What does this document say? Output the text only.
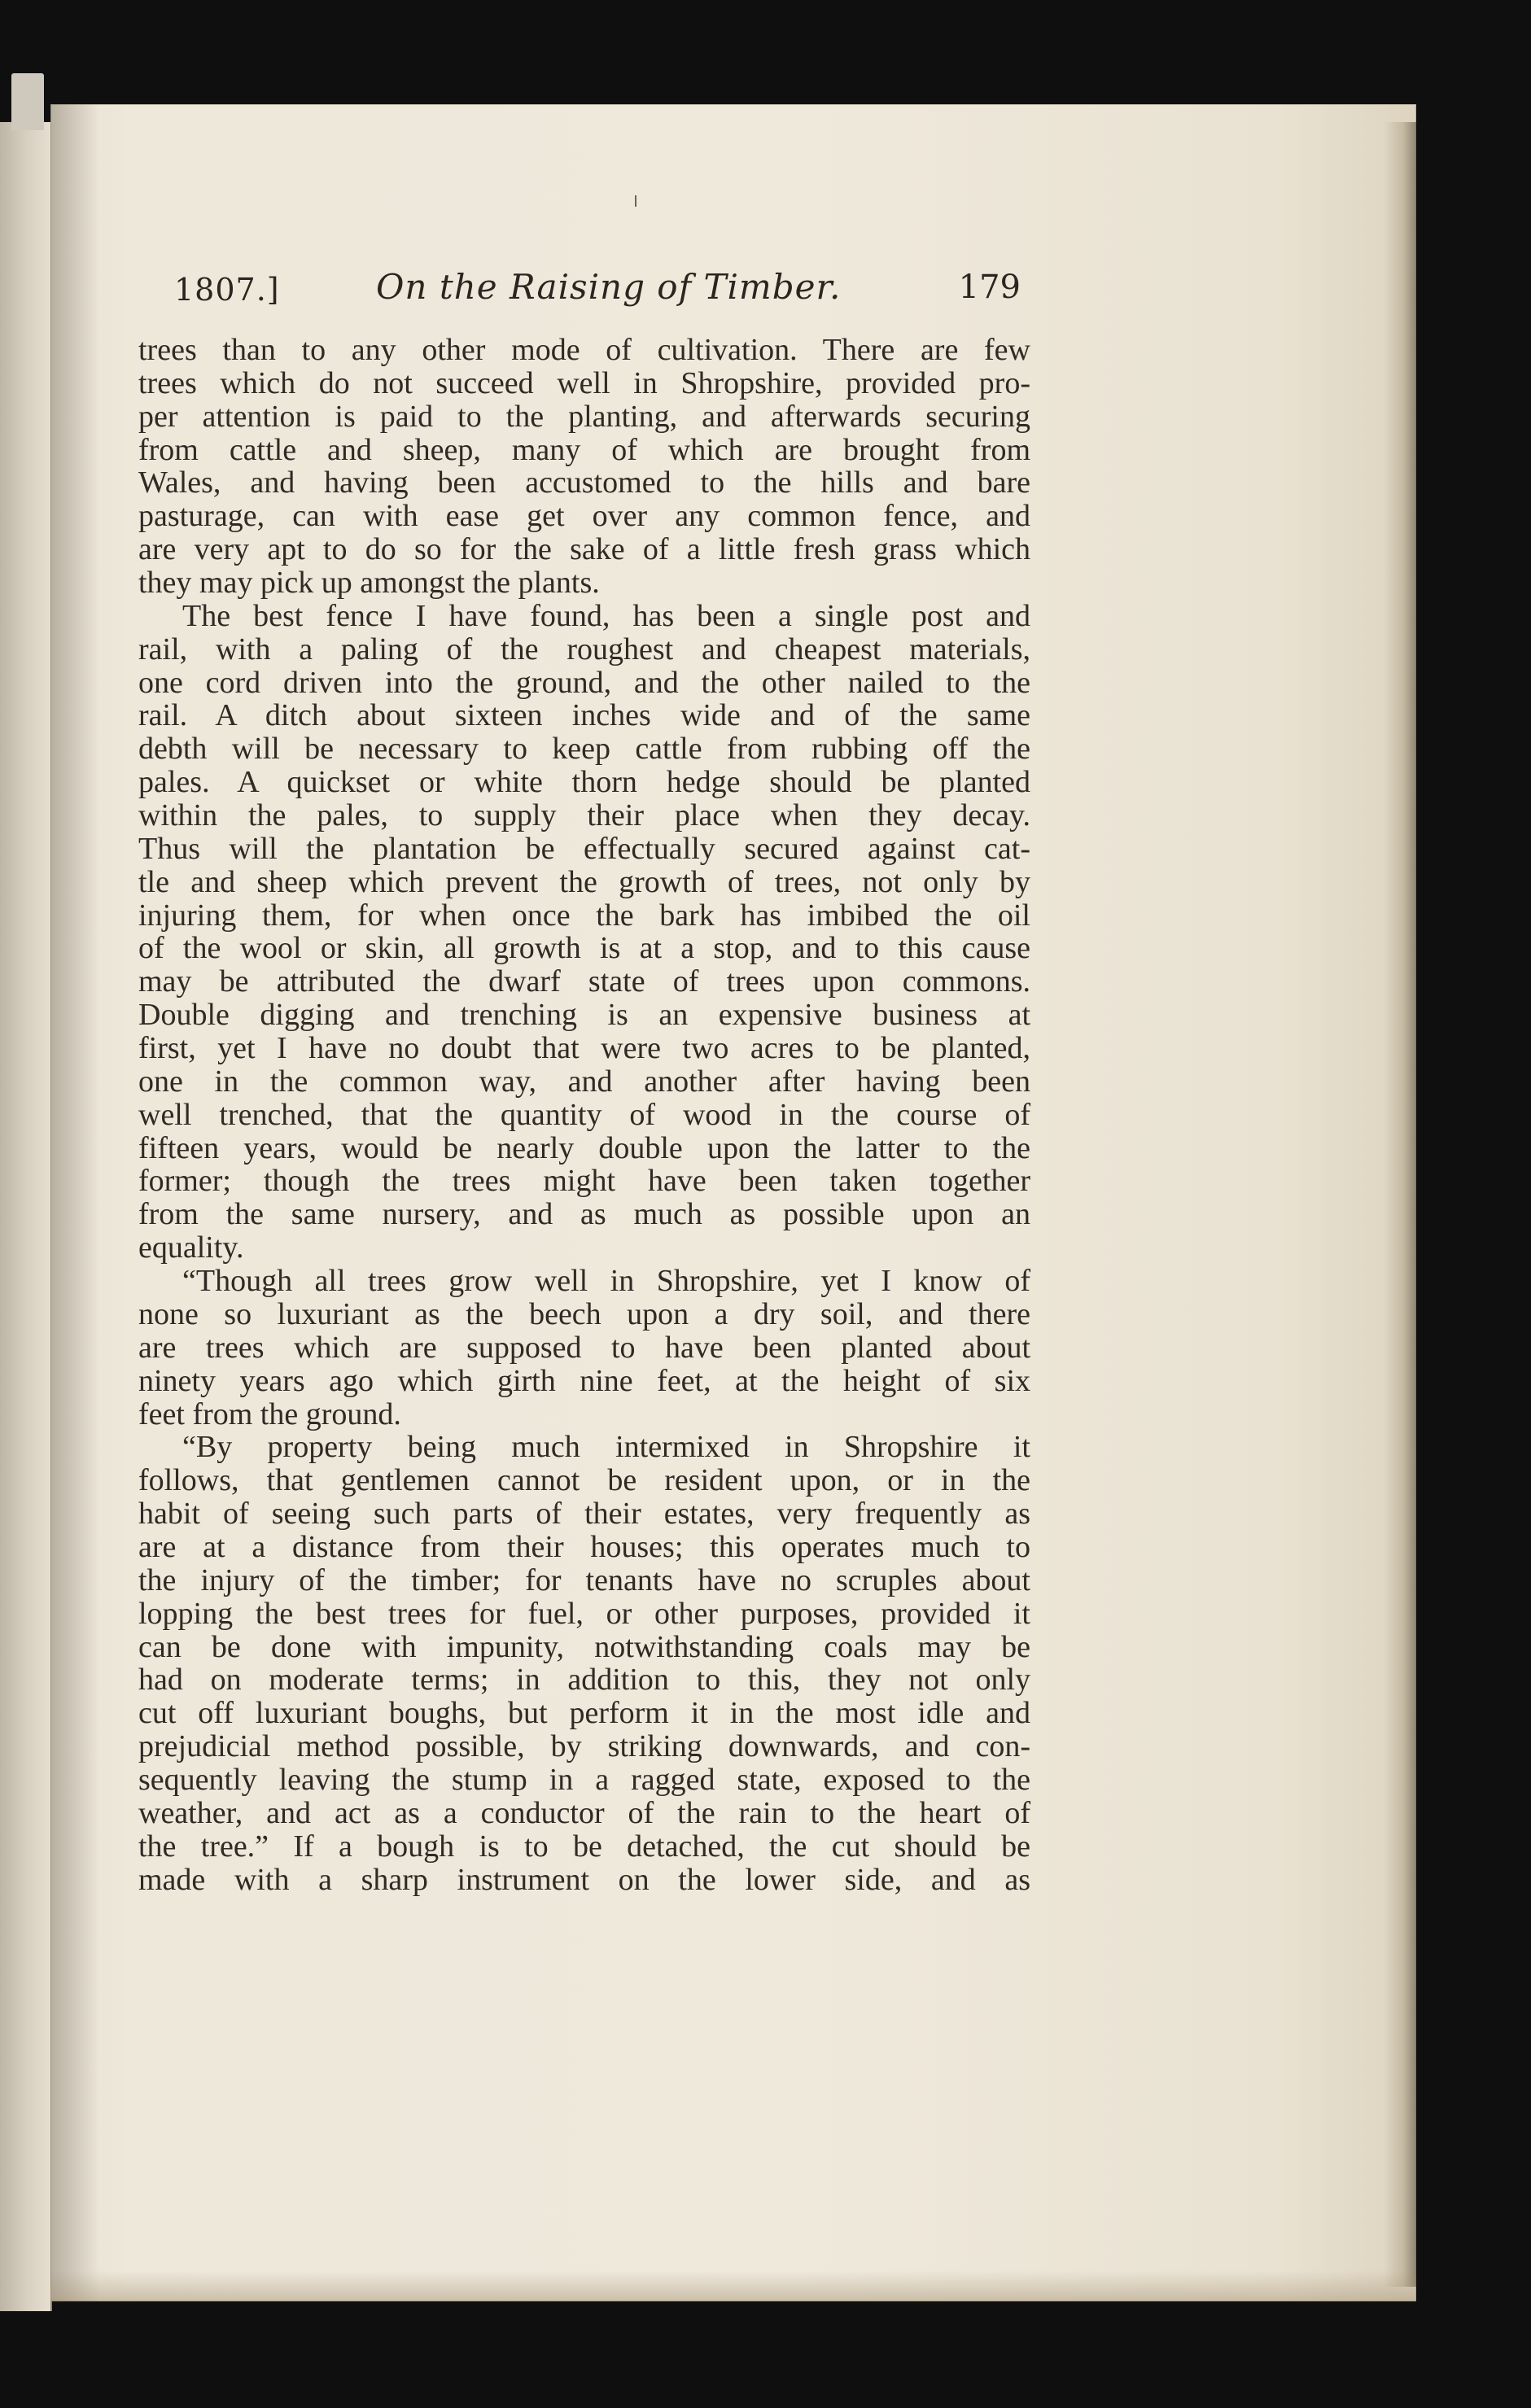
1807.]	On the Raising of Timber.	179
trees than to any other mode of cultivation. There are few
trees which do not succeed well in Shropshire, provided pro-
per attention is paid to the planting, and afterwards securing
from cattle and sheep, many of which are brought from
Wales, and having been accustomed to the hills and bare
pasturage, can with ease get over any common fence, and
are very apt to do so for the sake of a little fresh grass which
they may pick up amongst the plants.
The best fence I have found, has been a single post and
rail, with a paling of the roughest and cheapest materials,
one cord driven into the ground, and the other nailed to the
rail. A ditch about sixteen inches wide and of the same
debth will be necessary to keep cattle from rubbing off the
pales. A quickset or white thorn hedge should be planted
within the pales, to supply their place when they decay.
Thus will the plantation be effectually secured against cat-
tle and sheep which prevent the growth of trees, not only by
injuring them, for when once the bark has imbibed the oil
of the wool or skin, all growth is at a stop, and to this cause
may be attributed the dwarf state of trees upon commons.
Double digging and trenching is an expensive business at
first, yet I have no doubt that were two acres to be planted,
one in the common way, and another after having been
well trenched, that the quantity of wood in the course of
fifteen years, would be nearly double upon the latter to the
former; though the trees might have been taken together
from the same nursery, and as much as possible upon an
equality.
“Though all trees grow well in Shropshire, yet I know of
none so luxuriant as the beech upon a dry soil, and there
are trees which are supposed to have been planted about
ninety years ago which girth nine feet, at the height of six
feet from the ground.
“By property being much intermixed in Shropshire it
follows, that gentlemen cannot be resident upon, or in the
habit of seeing such parts of their estates, very frequently as
are at a distance from their houses; this operates much to
the injury of the timber; for tenants have no scruples about
lopping the best trees for fuel, or other purposes, provided it
can be done with impunity, notwithstanding coals may be
had on moderate terms; in addition to this, they not only
cut off luxuriant boughs, but perform it in the most idle and
prejudicial method possible, by striking downwards, and con-
sequently leaving the stump in a ragged state, exposed to the
weather, and act as a conductor of the rain to the heart of
the tree.” If a bough is to be detached, the cut should be
made with a sharp instrument on the lower side, and as
